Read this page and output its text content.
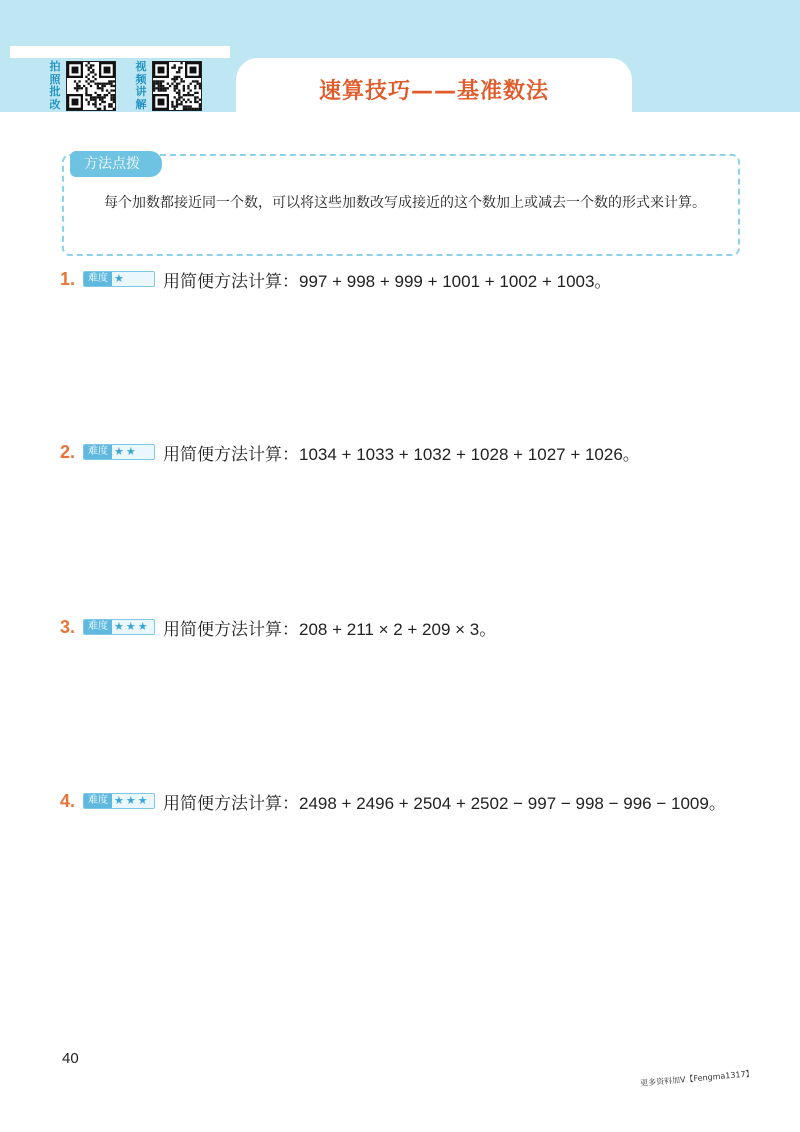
拍
照
批
改
视
频
讲
解	速算技巧——基准数法
方法点拨
每个加数都接近同一个数，可以将这些加数改写成接近的这个数加上或减去一个数的形式来计算。
1.	难度 ★ 用简便方法计算：997 + 998 + 999 + 1001 + 1002 + 1003。
2.	难度 ★ ★ 用简便方法计算：1034 + 1033 + 1032 + 1028 + 1027 + 1026。
3.	难度 ★ ★ ★ 用简便方法计算：208 + 211 × 2 + 209 × 3。
4.	难度 ★ ★ ★ 用简便方法计算：2498 + 2496 + 2504 + 2502 − 997 − 998 − 996 − 1009。
40
更多资料加V【Fengma1317】
